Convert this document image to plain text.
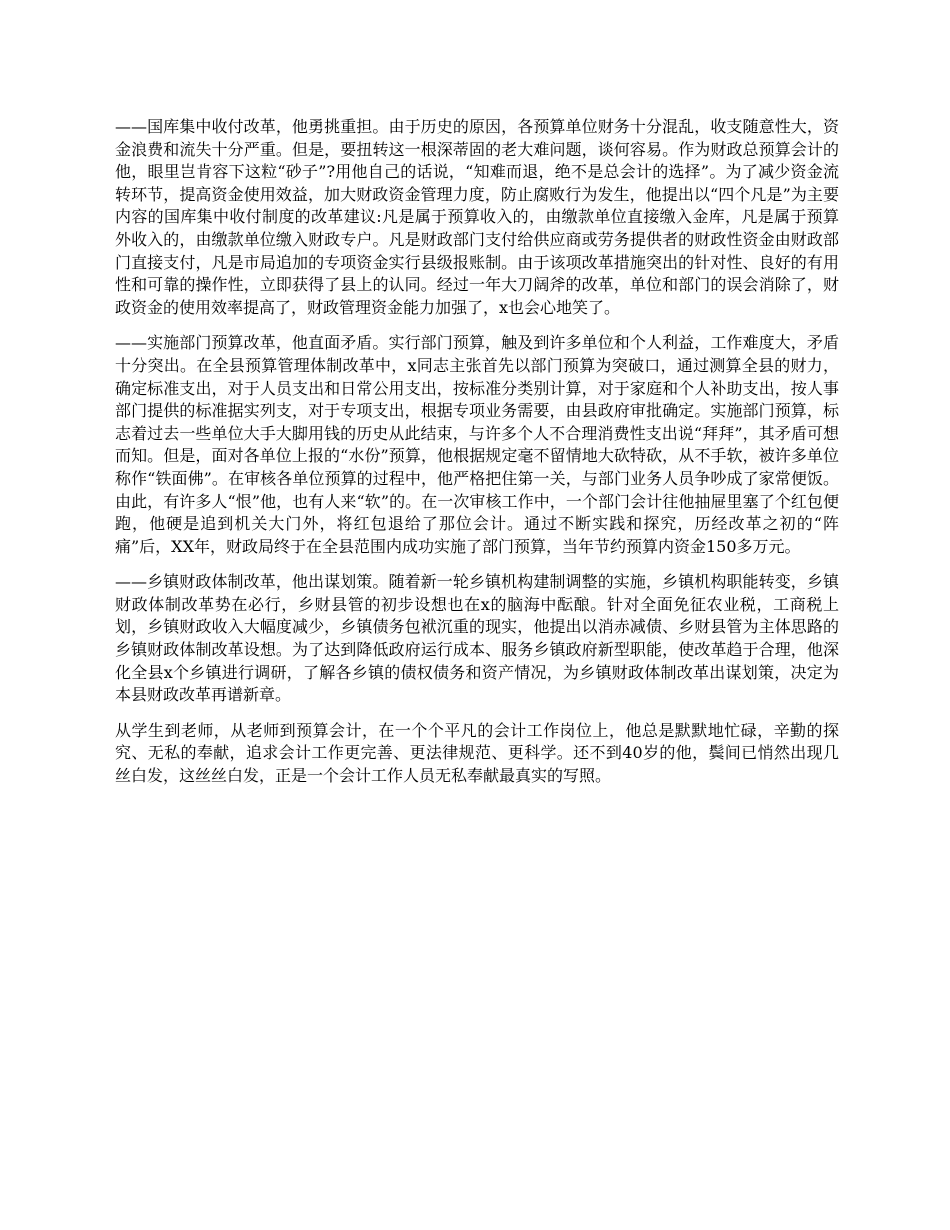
——国库集中收付改革，他勇挑重担。由于历史的原因，各预算单位财务十分混乱，收支随意性大，资金浪费和流失十分严重。但是，要扭转这一根深蒂固的老大难问题，谈何容易。作为财政总预算会计的他，眼里岂肯容下这粒“砂子”?用他自己的话说，“知难而退，绝不是总会计的选择”。为了减少资金流转环节，提高资金使用效益，加大财政资金管理力度，防止腐败行为发生，他提出以“四个凡是”为主要内容的国库集中收付制度的改革建议:凡是属于预算收入的，由缴款单位直接缴入金库，凡是属于预算外收入的，由缴款单位缴入财政专户。凡是财政部门支付给供应商或劳务提供者的财政性资金由财政部门直接支付，凡是市局追加的专项资金实行县级报账制。由于该项改革措施突出的针对性、良好的有用性和可靠的操作性，立即获得了县上的认同。经过一年大刀阔斧的改革，单位和部门的误会消除了，财政资金的使用效率提高了，财政管理资金能力加强了，x也会心地笑了。

——实施部门预算改革，他直面矛盾。实行部门预算，触及到许多单位和个人利益，工作难度大，矛盾十分突出。在全县预算管理体制改革中，x同志主张首先以部门预算为突破口，通过测算全县的财力，确定标准支出，对于人员支出和日常公用支出，按标准分类别计算，对于家庭和个人补助支出，按人事部门提供的标准据实列支，对于专项支出，根据专项业务需要，由县政府审批确定。实施部门预算，标志着过去一些单位大手大脚用钱的历史从此结束，与许多个人不合理消费性支出说“拜拜”，其矛盾可想而知。但是，面对各单位上报的“水份”预算，他根据规定毫不留情地大砍特砍，从不手软，被许多单位称作“铁面佛”。在审核各单位预算的过程中，他严格把住第一关，与部门业务人员争吵成了家常便饭。由此，有许多人“恨”他，也有人来“软”的。在一次审核工作中，一个部门会计往他抽屉里塞了个红包便跑，他硬是追到机关大门外，将红包退给了那位会计。通过不断实践和探究，历经改革之初的“阵痛”后，XX年，财政局终于在全县范围内成功实施了部门预算，当年节约预算内资金150多万元。

——乡镇财政体制改革，他出谋划策。随着新一轮乡镇机构建制调整的实施，乡镇机构职能转变，乡镇财政体制改革势在必行，乡财县管的初步设想也在x的脑海中酝酿。针对全面免征农业税，工商税上划，乡镇财政收入大幅度减少，乡镇债务包袱沉重的现实，他提出以消赤减债、乡财县管为主体思路的乡镇财政体制改革设想。为了达到降低政府运行成本、服务乡镇政府新型职能，使改革趋于合理，他深化全县x个乡镇进行调研，了解各乡镇的债权债务和资产情况，为乡镇财政体制改革出谋划策，决定为本县财政改革再谱新章。

从学生到老师，从老师到预算会计，在一个个平凡的会计工作岗位上，他总是默默地忙碌，辛勤的探究、无私的奉献，追求会计工作更完善、更法律规范、更科学。还不到40岁的他，鬓间已悄然出现几丝白发，这丝丝白发，正是一个会计工作人员无私奉献最真实的写照。
